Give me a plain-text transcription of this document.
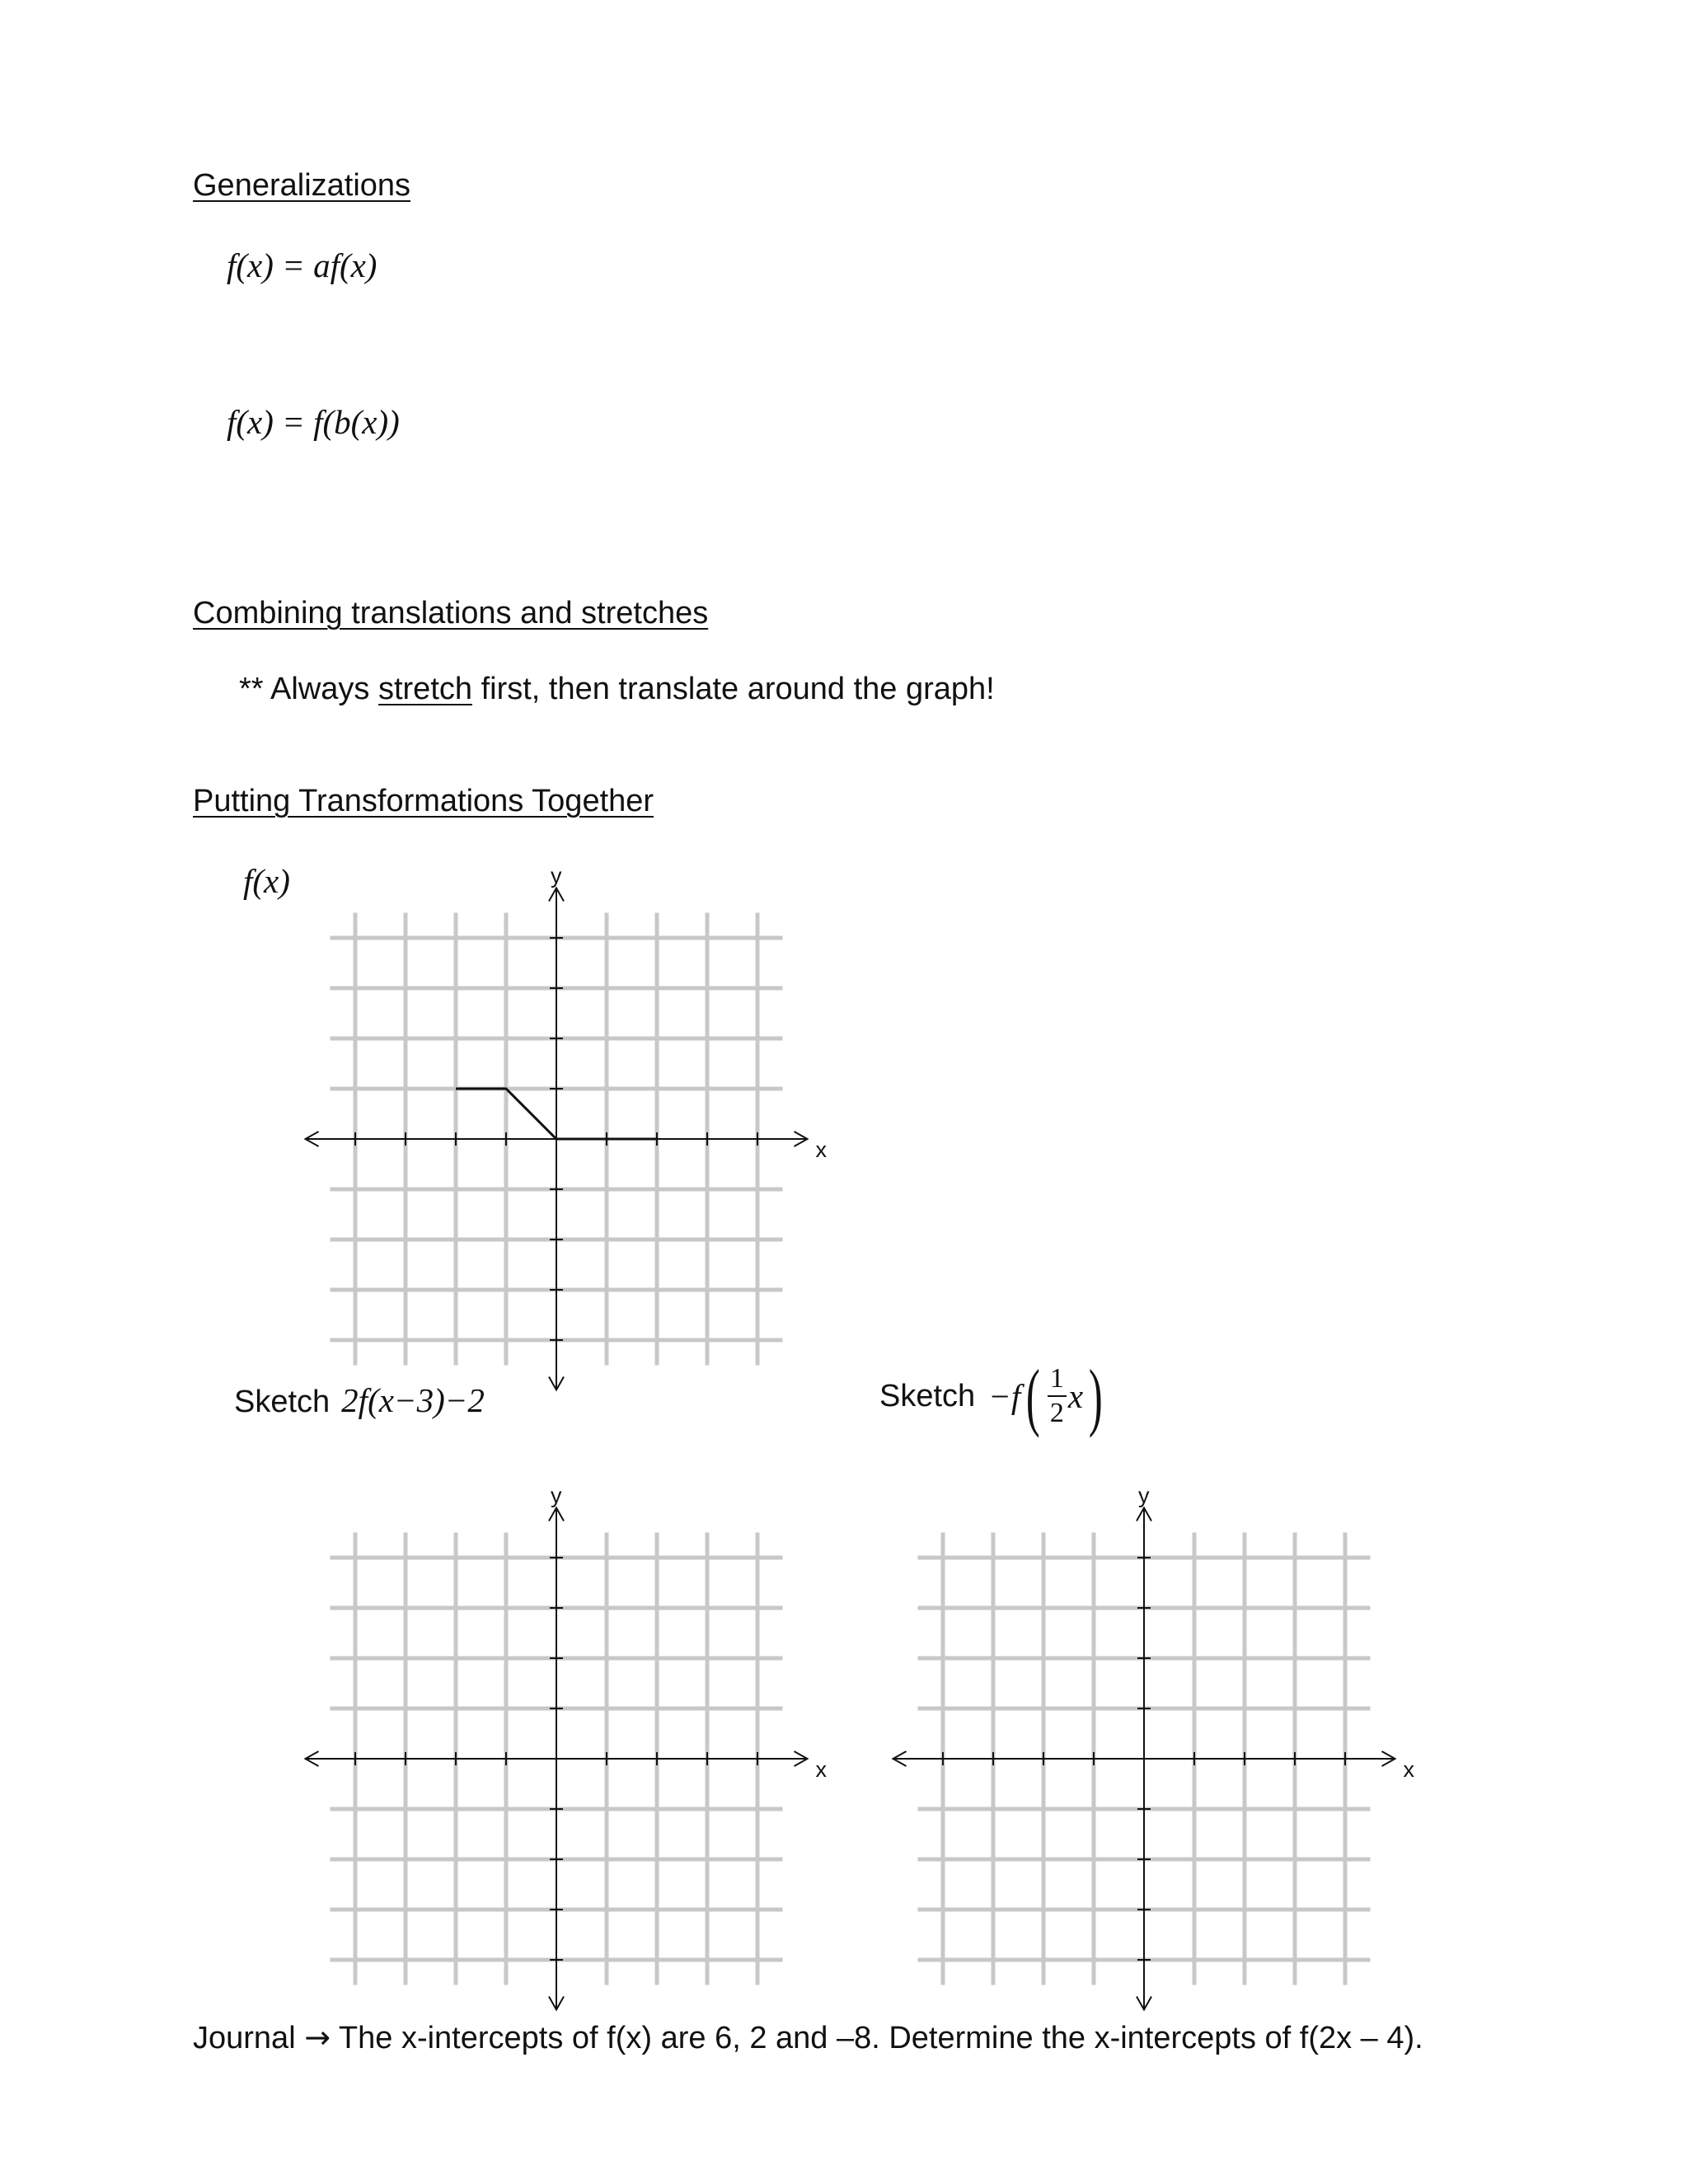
Generalizations
f(x) = af(x)
f(x) = f(b(x))
Combining translations and stretches
** Always stretch first, then translate around the graph!
Putting Transformations Together
f(x)
x
y
Sketch 2f(x−3)−2	Sketch −f ( $\frac{1}{2}$ x )
x
y
x
y
Journal → The x-intercepts of f(x) are 6, 2 and –8. Determine the x-intercepts of f(2x – 4).
